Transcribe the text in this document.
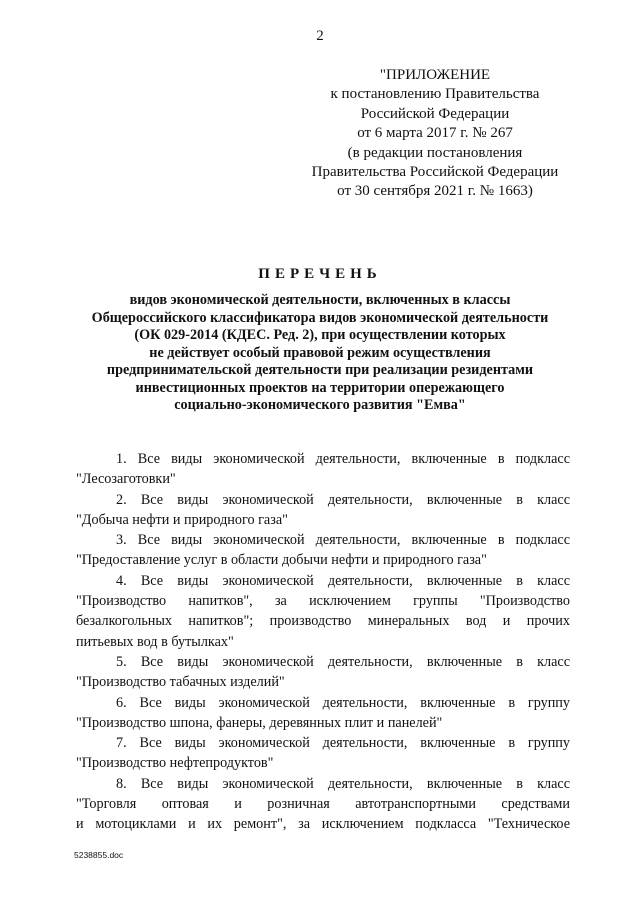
2
"ПРИЛОЖЕНИЕ
к постановлению Правительства
Российской Федерации
от 6 марта 2017 г. № 267
(в редакции постановления
Правительства Российской Федерации
от 30 сентября 2021 г. № 1663)
ПЕРЕЧЕНЬ
видов экономической деятельности, включенных в классы
Общероссийского классификатора видов экономической деятельности
(ОК 029-2014 (КДЕС. Ред. 2), при осуществлении которых
не действует особый правовой режим осуществления
предпринимательской деятельности при реализации резидентами
инвестиционных проектов на территории опережающего
социально-экономического развития "Емва"
1. Все виды экономической деятельности, включенные в подкласс
"Лесозаготовки"
2. Все виды экономической деятельности, включенные в класс
"Добыча нефти и природного газа"
3. Все виды экономической деятельности, включенные в подкласс
"Предоставление услуг в области добычи нефти и природного газа"
4. Все виды экономической деятельности, включенные в класс
"Производство напитков", за исключением группы "Производство
безалкогольных напитков"; производство минеральных вод и прочих
питьевых вод в бутылках"
5. Все виды экономической деятельности, включенные в класс
"Производство табачных изделий"
6. Все виды экономической деятельности, включенные в группу
"Производство шпона, фанеры, деревянных плит и панелей"
7. Все виды экономической деятельности, включенные в группу
"Производство нефтепродуктов"
8. Все виды экономической деятельности, включенные в класс
"Торговля оптовая и розничная автотранспортными средствами
и мотоциклами и их ремонт", за исключением подкласса "Техническое
5238855.doc
